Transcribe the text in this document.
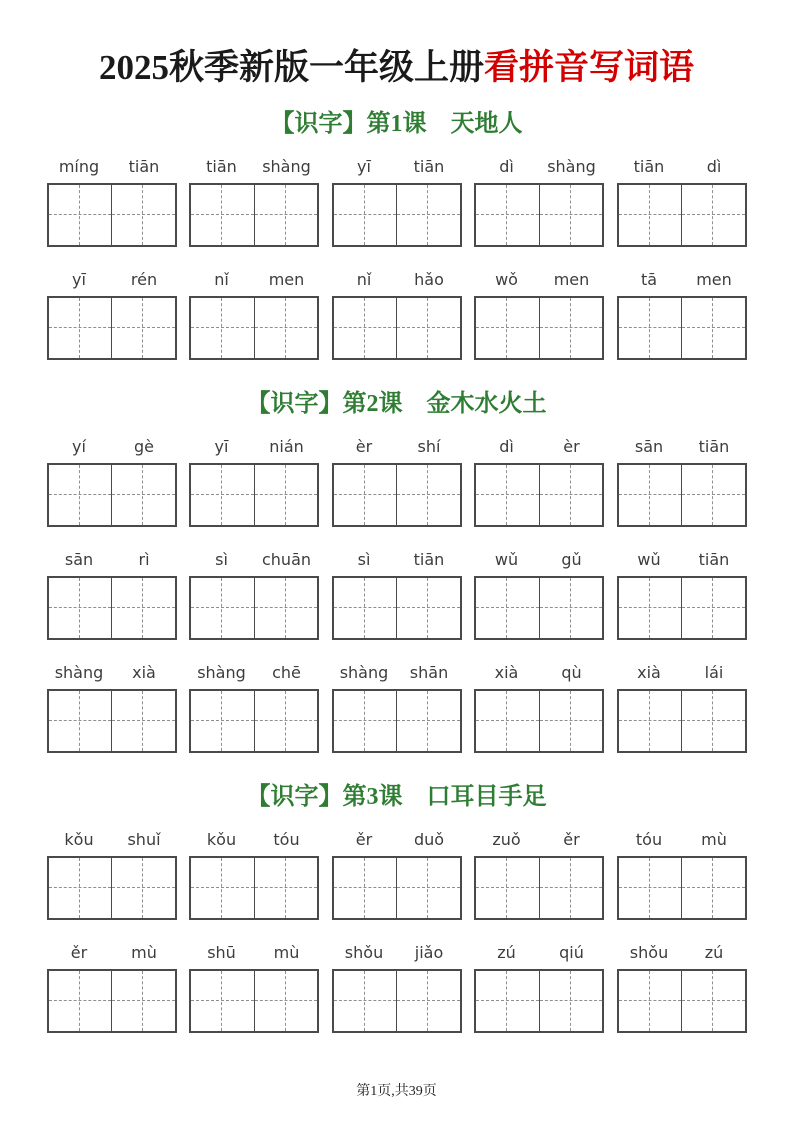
2025秋季新版一年级上册看拼音写词语
【识字】第1课　天地人
míng	tiān	tiān	shàng	yī	tiān	dì	shàng	tiān	dì
yī	rén	nǐ	men	nǐ	hǎo	wǒ	men	tā	men
【识字】第2课　金木水火土
yí	gè	yī	nián	èr	shí	dì	èr	sān	tiān
sān	rì	sì	chuān	sì	tiān	wǔ	gǔ	wǔ	tiān
shàng	xià	shàng	chē	shàng	shān	xià	qù	xià	lái
【识字】第3课　口耳目手足
kǒu	shuǐ	kǒu	tóu	ěr	duǒ	zuǒ	ěr	tóu	mù
ěr	mù	shū	mù	shǒu	jiǎo	zú	qiú	shǒu	zú
第1页,共39页
